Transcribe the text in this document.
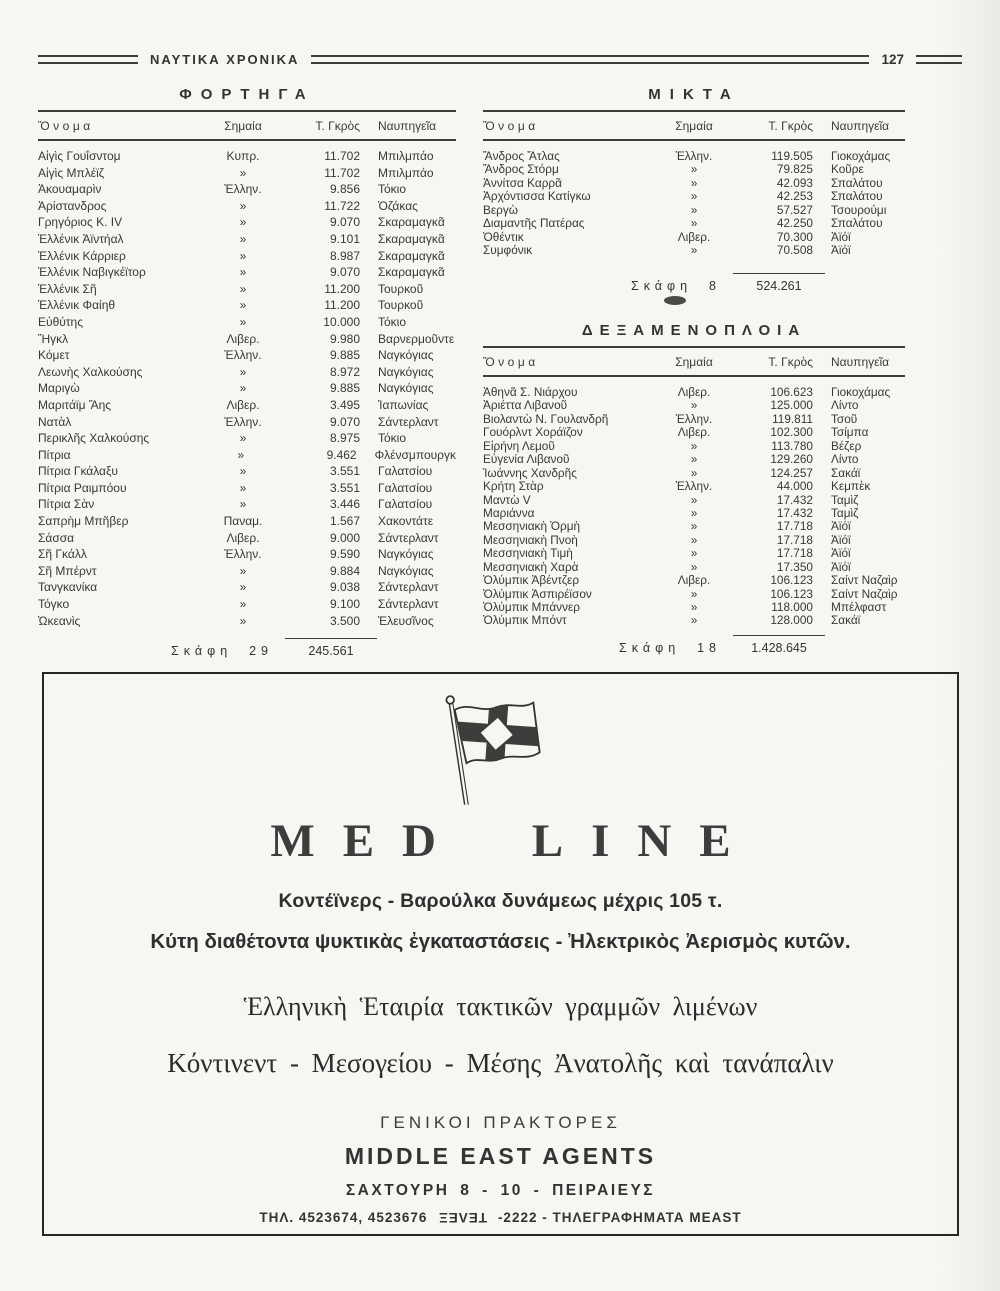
ΝΑΥΤΙΚΑ ΧΡΟΝΙΚΑ	127
ΦΟΡΤΗΓΑ	ΜΙΚΤΑ
ΔΕΞΑΜΕΝΟΠΛΟΙΑ
Ὄνομα	Σημαία	Τ. Γκρὸς	Ναυπηγεῖα
Αἰγὶς Γουΐσντομ	Κυπρ.	11.702	Μπιλμπάο
Αἰγὶς Μπλέϊζ	»	11.702	Μπιλμπάο
Ἀκουαμαρὶν	Ἑλλην.	9.856	Τόκιο
Ἀρίστανδρος	»	11.722	Ὀζάκας
Γρηγόριος Κ. IV	»	9.070	Σκαραμαγκᾶ
Ἑλλένικ Ἀϊντήαλ	»	9.101	Σκαραμαγκᾶ
Ἑλλένικ Κάρριερ	»	8.987	Σκαραμαγκᾶ
Ἑλλένικ Ναβιγκέϊτορ	»	9.070	Σκαραμαγκᾶ
Ἑλλένικ Σῆ	»	11.200	Τουρκοῦ
Ἑλλένικ Φαίηθ	»	11.200	Τουρκοῦ
Εὐθύτης	»	10.000	Τόκιο
Ἤγκλ	Λιβερ.	9.980	Βαρνερμοῦντε
Κόμετ	Ἑλλην.	9.885	Ναγκόγιας
Λεωνὴς Χαλκούσης	»	8.972	Ναγκόγιας
Μαριγὼ	»	9.885	Ναγκόγιας
Μαριτάϊμ Ἄης	Λιβερ.	3.495	Ἰαπωνίας
Νατὰλ	Ἑλλην.	9.070	Σάντερλαντ
Περικλῆς Χαλκούσης	»	8.975	Τόκιο
Πίτρια	»	9.462	Φλένσμπουργκ
Πίτρια Γκάλαξυ	»	3.551	Γαλατσίου
Πίτρια Ραιμπόου	»	3.551	Γαλατσίου
Πίτρια Σὰν	»	3.446	Γαλατσίου
Σαπρὴμ Μπῆβερ	Παναμ.	1.567	Χακοντάτε
Σάσσα	Λιβερ.	9.000	Σάντερλαντ
Σῆ Γκάλλ	Ἑλλην.	9.590	Ναγκόγιας
Σῆ Μπέρντ	»	9.884	Ναγκόγιας
Τανγκανίκα	»	9.038	Σάντερλαντ
Τόγκο	»	9.100	Σάντερλαντ
Ὠκεανὶς	»	3.500	Ἐλευσῖνος
Σκάφη 29	245.561
Ὄνομα	Σημαία	Τ. Γκρὸς	Ναυπηγεῖα
Ἄνδρος Ἄτλας	Ἑλλην.	119.505	Γιοκοχάμας
Ἄνδρος Στόρμ	»	79.825	Κοῦρε
Ἀννίτσα Καρρᾶ	»	42.093	Σπαλάτου
Ἀρχόντισσα Κατίγκω	»	42.253	Σπαλάτου
Βεργὼ	»	57.527	Τσουρούμι
Διαμαντῆς Πατέρας	»	42.250	Σπαλάτου
Ὀθέντικ	Λιβερ.	70.300	Ἀϊόϊ
Συμφόνικ	»	70.508	Ἀϊόϊ
Σκάφη 8	524.261
Ὄνομα	Σημαία	Τ. Γκρὸς	Ναυπηγεῖα
Ἀθηνᾶ Σ. Νιάρχου	Λιβερ.	106.623	Γιοκοχάμας
Ἀριέττα Λιβανοῦ	»	125.000	Λίντο
Βιολαντὼ Ν. Γουλανδρῆ	Ἑλλην.	119.811	Τσοῦ
Γουόρλντ Χοράϊζον	Λιβερ.	102.300	Τσίμπα
Εἰρήνη Λεμοῦ	»	113.780	Βέζερ
Εὐγενία Λιβανοῦ	»	129.260	Λίντο
Ἰωάννης Χανδρῆς	»	124.257	Σακάϊ
Κρήτη Στὰρ	Ἑλλην.	44.000	Κεμπὲκ
Μαντὼ V	»	17.432	Ταμὶζ
Μαριάννα	»	17.432	Ταμὶζ
Μεσσηνιακὴ Ὁρμὴ	»	17.718	Ἀϊόϊ
Μεσσηνιακὴ Πνοὴ	»	17.718	Ἀϊόϊ
Μεσσηνιακὴ Τιμὴ	»	17.718	Ἀϊόϊ
Μεσσηνιακὴ Χαρὰ	»	17.350	Ἀϊόϊ
Ὀλύμπικ Ἀβέντζερ	Λιβερ.	106.123	Σαίντ Ναζαὶρ
Ὀλύμπικ Ἀσπιρέϊσον	»	106.123	Σαίντ Ναζαὶρ
Ὀλύμπικ Μπάννερ	»	118.000	Μπέλφαστ
Ὀλύμπικ Μπόντ	»	128.000	Σακάϊ
Σκάφη 18	1.428.645
MED LINE
Κοντέϊνερς - Βαρούλκα δυνάμεως μέχρις 105 τ.
Κύτη διαθέτοντα ψυκτικὰς ἐγκαταστάσεις - Ἠλεκτρικὸς Ἀερισμὸς κυτῶν.
Ἑλληνικὴ Ἑταιρία τακτικῶν γραμμῶν λιμένων
Κόντινεντ - Μεσογείου - Μέσης Ἀνατολῆς καὶ τανάπαλιν
ΓΕΝΙΚΟΙ ΠΡΑΚΤΟΡΕΣ
MIDDLE EAST AGENTS
ΣΑΧΤΟΥΡΗ 8 - 10 - ΠΕΙΡΑΙΕΥΣ
ΤΗΛ. 4523674, 4523676 ΤΕΛΕΞ -2222 - ΤΗΛΕΓΡΑΦΗΜΑΤΑ MEAST
